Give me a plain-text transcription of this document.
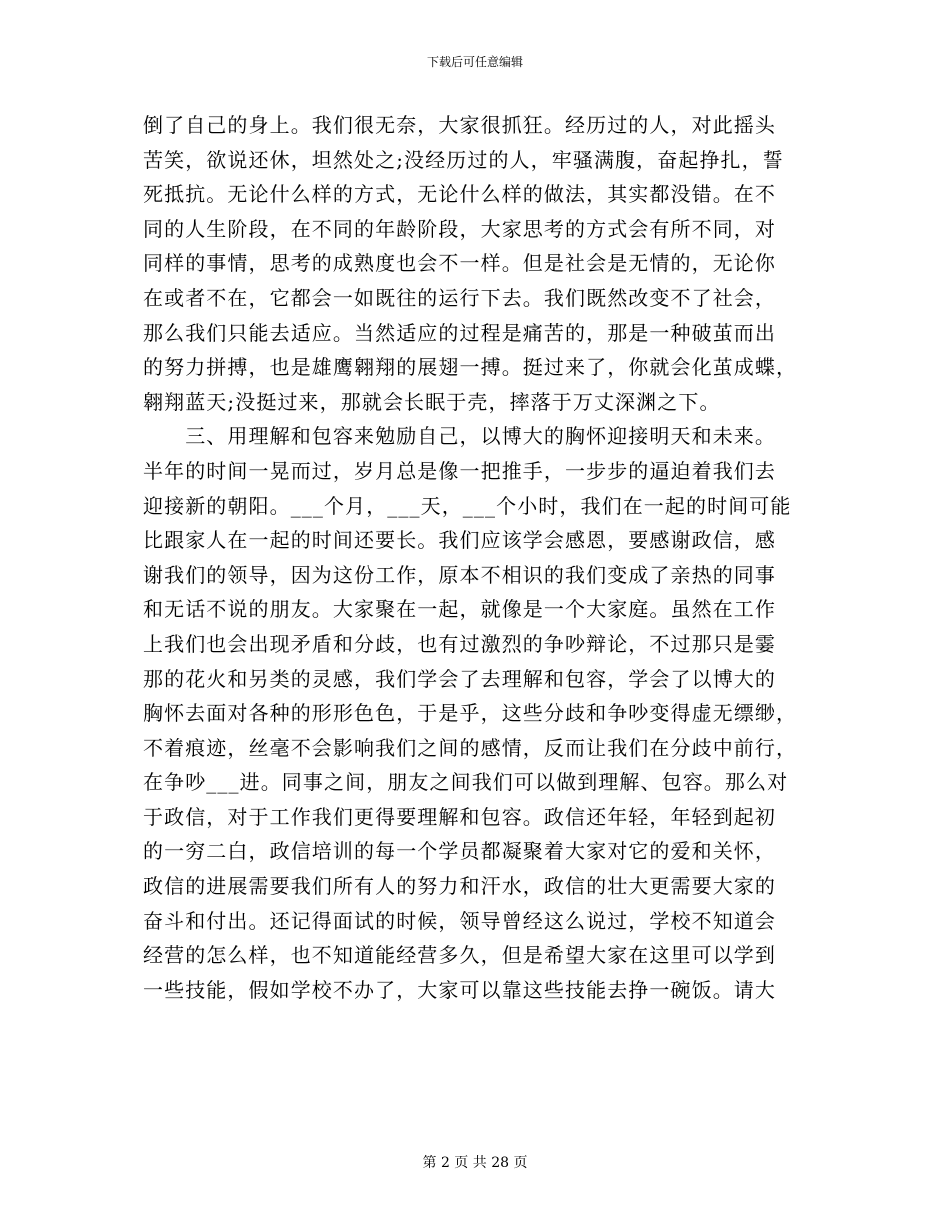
下载后可任意编辑
倒了自己的身上。我们很无奈，大家很抓狂。经历过的人，对此摇头
苦笑，欲说还休，坦然处之;没经历过的人，牢骚满腹，奋起挣扎，誓
死抵抗。无论什么样的方式，无论什么样的做法，其实都没错。在不
同的人生阶段，在不同的年龄阶段，大家思考的方式会有所不同，对
同样的事情，思考的成熟度也会不一样。但是社会是无情的，无论你
在或者不在，它都会一如既往的运行下去。我们既然改变不了社会，
那么我们只能去适应。当然适应的过程是痛苦的，那是一种破茧而出
的努力拼搏，也是雄鹰翱翔的展翅一搏。挺过来了，你就会化茧成蝶，
翱翔蓝天;没挺过来，那就会长眠于壳，摔落于万丈深渊之下。
　　三、用理解和包容来勉励自己，以博大的胸怀迎接明天和未来。
半年的时间一晃而过，岁月总是像一把推手，一步步的逼迫着我们去
迎接新的朝阳。___个月，___天，___个小时，我们在一起的时间可能
比跟家人在一起的时间还要长。我们应该学会感恩，要感谢政信，感
谢我们的领导，因为这份工作，原本不相识的我们变成了亲热的同事
和无话不说的朋友。大家聚在一起，就像是一个大家庭。虽然在工作
上我们也会出现矛盾和分歧，也有过激烈的争吵辩论，不过那只是霎
那的花火和另类的灵感，我们学会了去理解和包容，学会了以博大的
胸怀去面对各种的形形色色，于是乎，这些分歧和争吵变得虚无缥缈，
不着痕迹，丝毫不会影响我们之间的感情，反而让我们在分歧中前行，
在争吵___进。同事之间，朋友之间我们可以做到理解、包容。那么对
于政信，对于工作我们更得要理解和包容。政信还年轻，年轻到起初
的一穷二白，政信培训的每一个学员都凝聚着大家对它的爱和关怀，
政信的进展需要我们所有人的努力和汗水，政信的壮大更需要大家的
奋斗和付出。还记得面试的时候，领导曾经这么说过，学校不知道会
经营的怎么样，也不知道能经营多久，但是希望大家在这里可以学到
一些技能，假如学校不办了，大家可以靠这些技能去挣一碗饭。请大
第 2 页 共 28 页
